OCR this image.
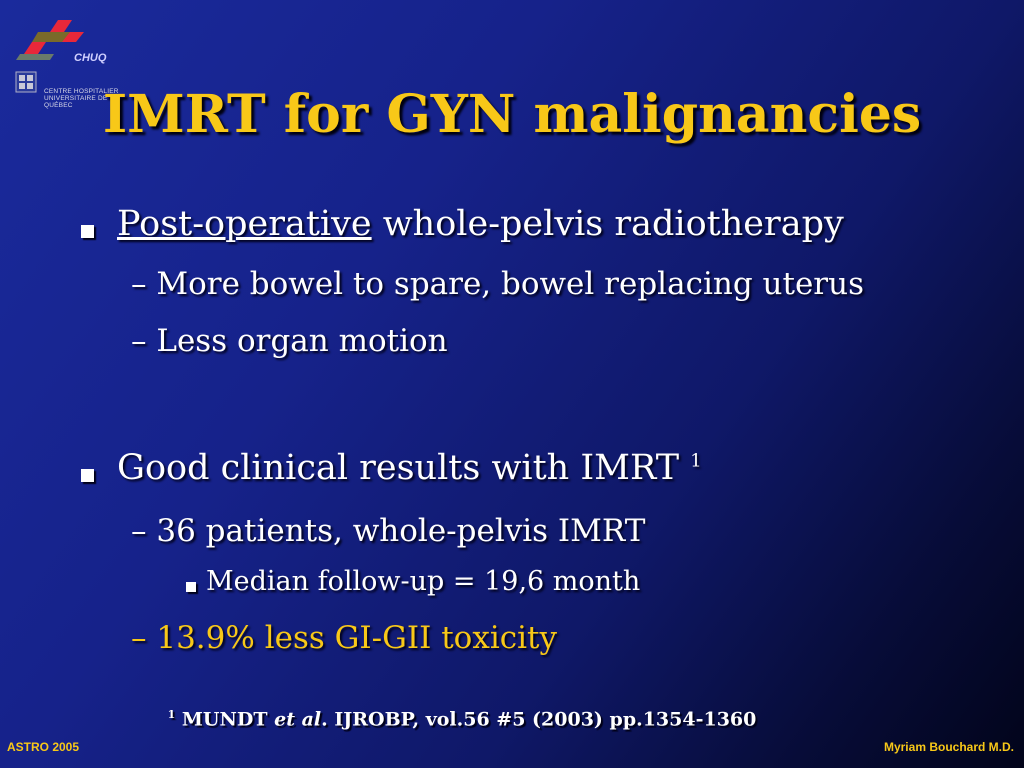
CHUQ
CENTRE HOSPITALIER
UNIVERSITAIRE DE QUÉBEC IMRT for GYN malignancies
Post-operative whole-pelvis radiotherapy
– More bowel to spare, bowel replacing uterus
– Less organ motion
Good clinical results with IMRT $^1$
– 36 patients, whole-pelvis IMRT
Median follow-up = 19,6 month
– 13.9% less GI-GII toxicity
$^1$ MUNDT et al. IJROBP, vol.56 #5 (2003) pp.1354-1360
ASTRO 2005	Myriam Bouchard M.D.
